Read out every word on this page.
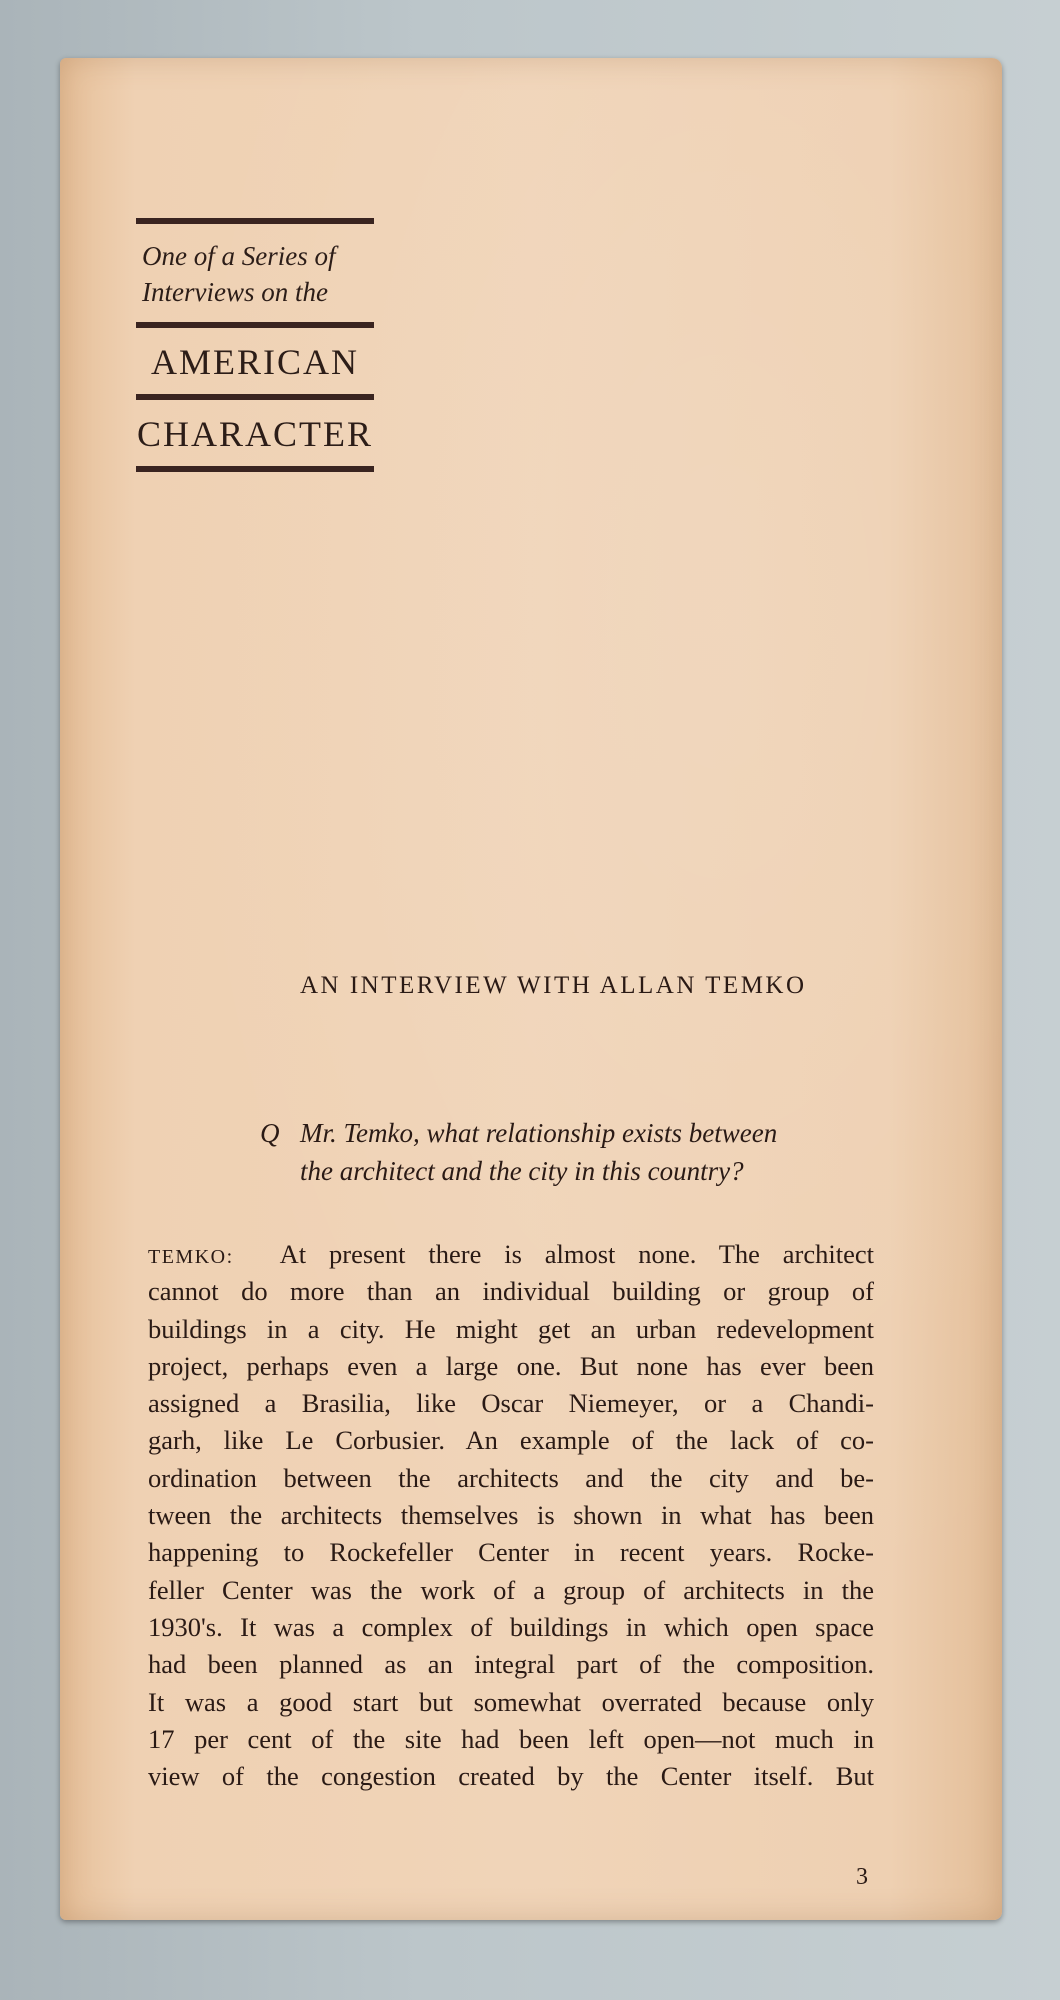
One of a Series of
Interviews on the
AMERICAN
CHARACTER
AN INTERVIEW WITH ALLAN TEMKO
Q Mr. Temko, what relationship exists between
the architect and the city in this country?
TEMKO: At present there is almost none. The architect
cannot do more than an individual building or group of
buildings in a city. He might get an urban redevelopment
project, perhaps even a large one. But none has ever been
assigned a Brasilia, like Oscar Niemeyer, or a Chandi-
garh, like Le Corbusier. An example of the lack of co-
ordination between the architects and the city and be-
tween the architects themselves is shown in what has been
happening to Rockefeller Center in recent years. Rocke-
feller Center was the work of a group of architects in the
1930's. It was a complex of buildings in which open space
had been planned as an integral part of the composition.
It was a good start but somewhat overrated because only
17 per cent of the site had been left open—not much in
view of the congestion created by the Center itself. But
3
